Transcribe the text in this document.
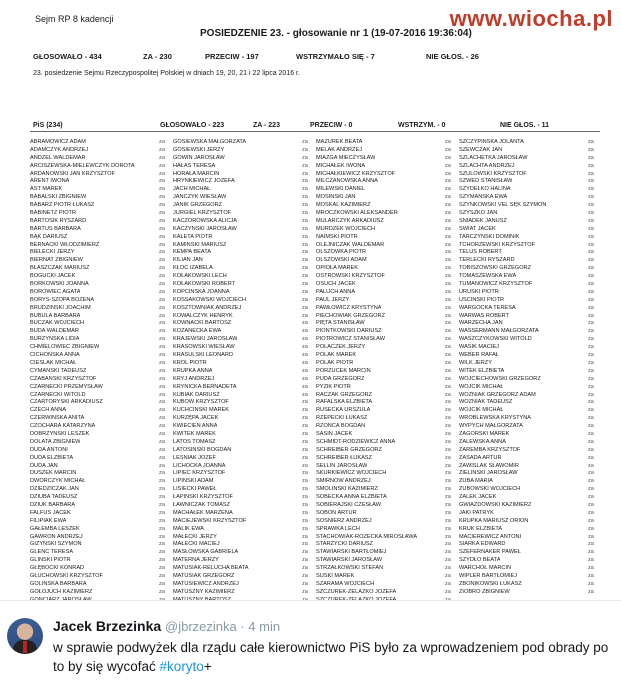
Sejm RP 8 kadencji	www.wiocha.pl
POSIEDZENIE 23. - głosowanie nr 1 (19-07-2016 19:36:04)
GŁOSOWAŁO - 434	ZA - 230	PRZECIW - 197	WSTRZYMAŁO SIĘ - 7	NIE GŁOS. - 26
23. posiedzenie Sejmu Rzeczypospolitej Polskiej w dniach 19, 20, 21 i 22 lipca 2016 r.
PiS (234)	GŁOSOWAŁO - 223	ZA - 223	PRZECIW - 0	WSTRZYM. - 0	NIE GŁOS. - 11
ABRAMOWICZ ADAM	za
ADAMCZYK ANDRZEJ	za
ANDZEL WALDEMAR	za
ARCISZEWSKA-MIELEWCZYK DOROTA	za
ARDANOWSKI JAN KRZYSZTOF	za
ARENT IWONA	za
AST MAREK	za
BABALSKI ZBIGNIEW	za
BABARZ PIOTR ŁUKASZ	za
BABINETZ PIOTR	za
BARTOSIK RYSZARD	za
BARTUŚ BARBARA	za
BĄK DARIUSZ	za
BERNACKI WŁODZIMIERZ	za
BIELECKI JERZY	za
BIERNAT ZBIGNIEW	za
BŁASZCZAK MARIUSZ	za
BOGUCKI JACEK	za
BORKOWSKI JOANNA	za
BOROWIEC AGATA	za
BORYS-SZOPA BOŻENA	za
BRUDZIŃSKI JOACHIM	za
BUBULA BARBARA	za
BUCZAK WOJCIECH	za
BUDA WALDEMAR	za
BURZYŃSKA LIDIA	za
CHMIELOWIEC ZBIGNIEW	za
CICHOŃSKA ANNA	za
CIEŚLAK MICHAŁ	za
CYMAŃSKI TADEUSZ	za
CZABAŃSKI KRZYSZTOF	za
CZARNECKI PRZEMYSŁAW	za
CZARNECKI WITOLD	za
CZARTORYSKI ARKADIUSZ	za
CZECH ANNA	za
CZERWIŃSKA ANITA	za
CZOCHARA KATARZYNA	za
DOBRZYŃSKI LESZEK	za
DOLATA ZBIGNIEW	za
DUDA ANTONI	za
DUDA ELŻBIETA	za
DUDA JAN	za
DUSZEK MARCIN	za
DWORCZYK MICHAŁ	za
DZIEDZICZAK JAN	za
DZIUBA TADEUSZ	za
DZIUK BARBARA	za
FALFUS JACEK	za
FILIPIAK EWA	za
GAŁEMBA LESZEK	za
GAWRON ANDRZEJ	za
GIŻYŃSKI SZYMON	za
GLENC TERESA	za
GLIŃSKI PIOTR	za
GŁĘBOCKI KONRAD	za
GŁUCHOWSKI KRZYSZTOF	za
GOLIŃSKA BARBARA	za
GOŁOJUCH KAZIMIERZ	za
GONCIARZ JAROSŁAW	za
GOSIEWSKA MAŁGORZATA	za
GOSIEWSKI JERZY	za
GOWIN JAROSŁAW	za
HAŁAS TERESA	za
HORAŁA MARCIN	za
HRYNKIEWICZ JÓZEFA	za
JACH MICHAŁ	za
JANCZYK WIESŁAW	za
JANIK GRZEGORZ	za
JURGIEL KRZYSZTOF	za
KACZOROWSKA ALICJA	za
KACZYŃSKI JAROSŁAW	za
KALETA PIOTR	za
KAMIŃSKI MARIUSZ	za
KEMPA BEATA	za
KILIAN JAN	za
KŁOC IZABELA	za
KOŁAKOWSKI LECH	za
KOŁAKOWSKI ROBERT	za
KOPCIŃSKA JOANNA	za
KOSSAKOWSKI WOJCIECH	za
KOSZTOWNIAK ANDRZEJ	za
KOWALCZYK HENRYK	za
KOWNACKI BARTOSZ	za
KOZANECKA EWA	za
KRAJEWSKI JAROSŁAW	za
KRASOWSKI WIESŁAW	za
KRASULSKI LEONARD	za
KRÓL PIOTR	za
KRUPKA ANNA	za
KRYJ ANDRZEJ	za
KRYNICKA BERNADETA	za
KUBIAK DARIUSZ	za
KUBÓW KRZYSZTOF	za
KUCHCIŃSKI MAREK	za
KURZĘPA JACEK	za
KWIECIEŃ ANNA	za
KWITEK MAREK	za
LATOS TOMASZ	za
LATOSIŃSKI BOGDAN	za
LEŚNIAK JÓZEF	za
LICHOCKA JOANNA	za
LIPIEC KRZYSZTOF	za
LIPIŃSKI ADAM	za
LISIECKI PAWEŁ	za
ŁAPIŃSKI KRZYSZTOF	za
ŁAWNICZAK TOMASZ	za
MACHAŁEK MARZENA	za
MACIEJEWSKI KRZYSZTOF	za
MALIK EWA	za
MAŁECKI JERZY	za
MAŁECKI MACIEJ	za
MASŁOWSKA GABRIELA	za
MATERNA JERZY	za
MATUSIAK-RELUCHA BEATA	za
MATUSIAK GRZEGORZ	za
MATUSIEWICZ ANDRZEJ	za
MATUSZNY KAZIMIERZ	za
MATUSZNY BARTOSZ	za
MAZUREK BEATA	za
MELAK ANDRZEJ	za
MIAZGA MIECZYSŁAW	za
MICHAŁEK IWONA	za
MICHAŁKIEWICZ KRZYSZTOF	za
MILCZANOWSKA ANNA	za
MILEWSKI DANIEL	za
MOSIŃSKI JAN	za
MOSKAL KAZIMIERZ	za
MROCZKOWSKI ALEKSANDER	za
MULARCZYK ARKADIUSZ	za
MURDZEK WOJCIECH	za
NAIMSKI PIOTR	za
OLEJNICZAK WALDEMAR	za
OLSZÓWKA PIOTR	za
OLSZOWSKI ADAM	za
OPIOŁA MAREK	za
OSTROWSKI KRZYSZTOF	za
OSUCH JACEK	za
PALUCH ANNA	za
PAUL JERZY	za
PAWŁOWICZ KRYSTYNA	za
PIECHOWIAK GRZEGORZ	za
PIĘTA STANISŁAW	za
PIONTKOWSKI DARIUSZ	za
PIOTROWICZ STANISŁAW	za
POLACZEK JERZY	za
POLAK MAREK	za
POLAK PIOTR	za
PORZUCEK MARCIN	za
PUDA GRZEGORZ	za
PYZIK PIOTR	za
RACZAK GRZEGORZ	za
RAFALSKA ELŻBIETA	za
RUSECKA URSZULA	za
RZEPECKI ŁUKASZ	za
RZOŃCA BOGDAN	za
SASIN JACEK	za
SCHMIDT-RODZIEWICZ ANNA	za
SCHREIBER GRZEGORZ	za
SCHREIBER ŁUKASZ	za
SELLIN JAROSŁAW	za
SKURKIEWICZ WOJCIECH	za
SMIRNOW ANDRZEJ	za
SMOLIŃSKI KAZIMIERZ	za
SOBECKA ANNA ELŻBIETA	za
SOBIERAJSKI CZESŁAW	za
SOBOŃ ARTUR	za
SOŚNIERZ ANDRZEJ	za
SPRAWKA LECH	za
STACHOWIAK-RÓŻECKA MIROSŁAWA	za
STARZYCKI DARIUSZ	za
STAWIARSKI BARTŁOMIEJ	za
STAWIARSKI JAROSŁAW	za
STRZAŁKOWSKI STEFAN	za
SUSKI MAREK	za
SZARAMA WOJCIECH	za
SZCZUREK-ŻELAZKO JÓZEFA	za
SZCZUREK-ŻELAZKO JÓZEFA	za
SZCZYPIŃSKA JOLANTA	za
SZEWCZAK JAN	za
SZLACHETKA JAROSŁAW	za
SZLACHTA ANDRZEJ	za
SZULOWSKI KRZYSZTOF	za
SZWED STANISŁAW	za
SZYDEŁKO HALINA	za
SZYMAŃSKA EWA	za
SZYNKOWSKI VEL SĘK SZYMON	za
SZYSZKO JAN	za
ŚNIADEK JANUSZ	za
ŚWIAT JACEK	za
TARCZYŃSKI DOMINIK	za
TCHÓRZEWSKI KRZYSZTOF	za
TELUS ROBERT	za
TERLECKI RYSZARD	za
TOBISZOWSKI GRZEGORZ	za
TOMASZEWSKA EWA	za
TUMANOWICZ KRZYSZTOF	za
URUSKI PIOTR	za
UŚCIŃSKI PIOTR	za
WARGOCKA TERESA	za
WARWAS ROBERT	za
WARZECHA JAN	za
WASSERMANN MAŁGORZATA	za
WASZCZYKOWSKI WITOLD	za
WASIK MACIEJ	za
WEBER RAFAŁ	za
WILK JERZY	za
WITEK ELŻBIETA	za
WOJCIECHOWSKI GRZEGORZ	za
WÓJCIK MICHAŁ	za
WOŹNIAK GRZEGORZ ADAM	za
WOŹNIAK TADEUSZ	za
WÓJCIK MICHAŁ	za
WRÓBLEWSKA KRYSTYNA	za
WYPYCH MAŁGORZATA	za
ZAGORSKI MAREK	za
ZALEWSKA ANNA	za
ZAREMBA KRZYSZTOF	za
ZASADA ARTUR	za
ZAWIŚLAK SŁAWOMIR	za
ZIELIŃSKI JAROSŁAW	za
ZUBA MARIA	za
ZUBOWSKI WOJCIECH	za
ŻALEK JACEK	za
GWIAZDOWSKI KAZIMIERZ	za
JAKI PATRYK	za
KRUPKA MARIUSZ ORION	za
KRUK ELŻBIETA	za
MACIEREWICZ ANTONI	za
SIARKA EDWARD	za
SZEFERNAKER PAWEŁ	za
SZYDŁO BEATA	za
WARCHOŁ MARCIN	za
WIPLER BARTŁOMIEJ	za
ZBONIKOWSKI ŁUKASZ	za
ZIOBRO ZBIGNIEW	za
Jacek Brzezinka @jbrzezinka · 4 min
w sprawie podwyżek dla rządu całe kierownictwo PiS było za wprowadzeniem pod obrady po to by się wycofać #koryto+
